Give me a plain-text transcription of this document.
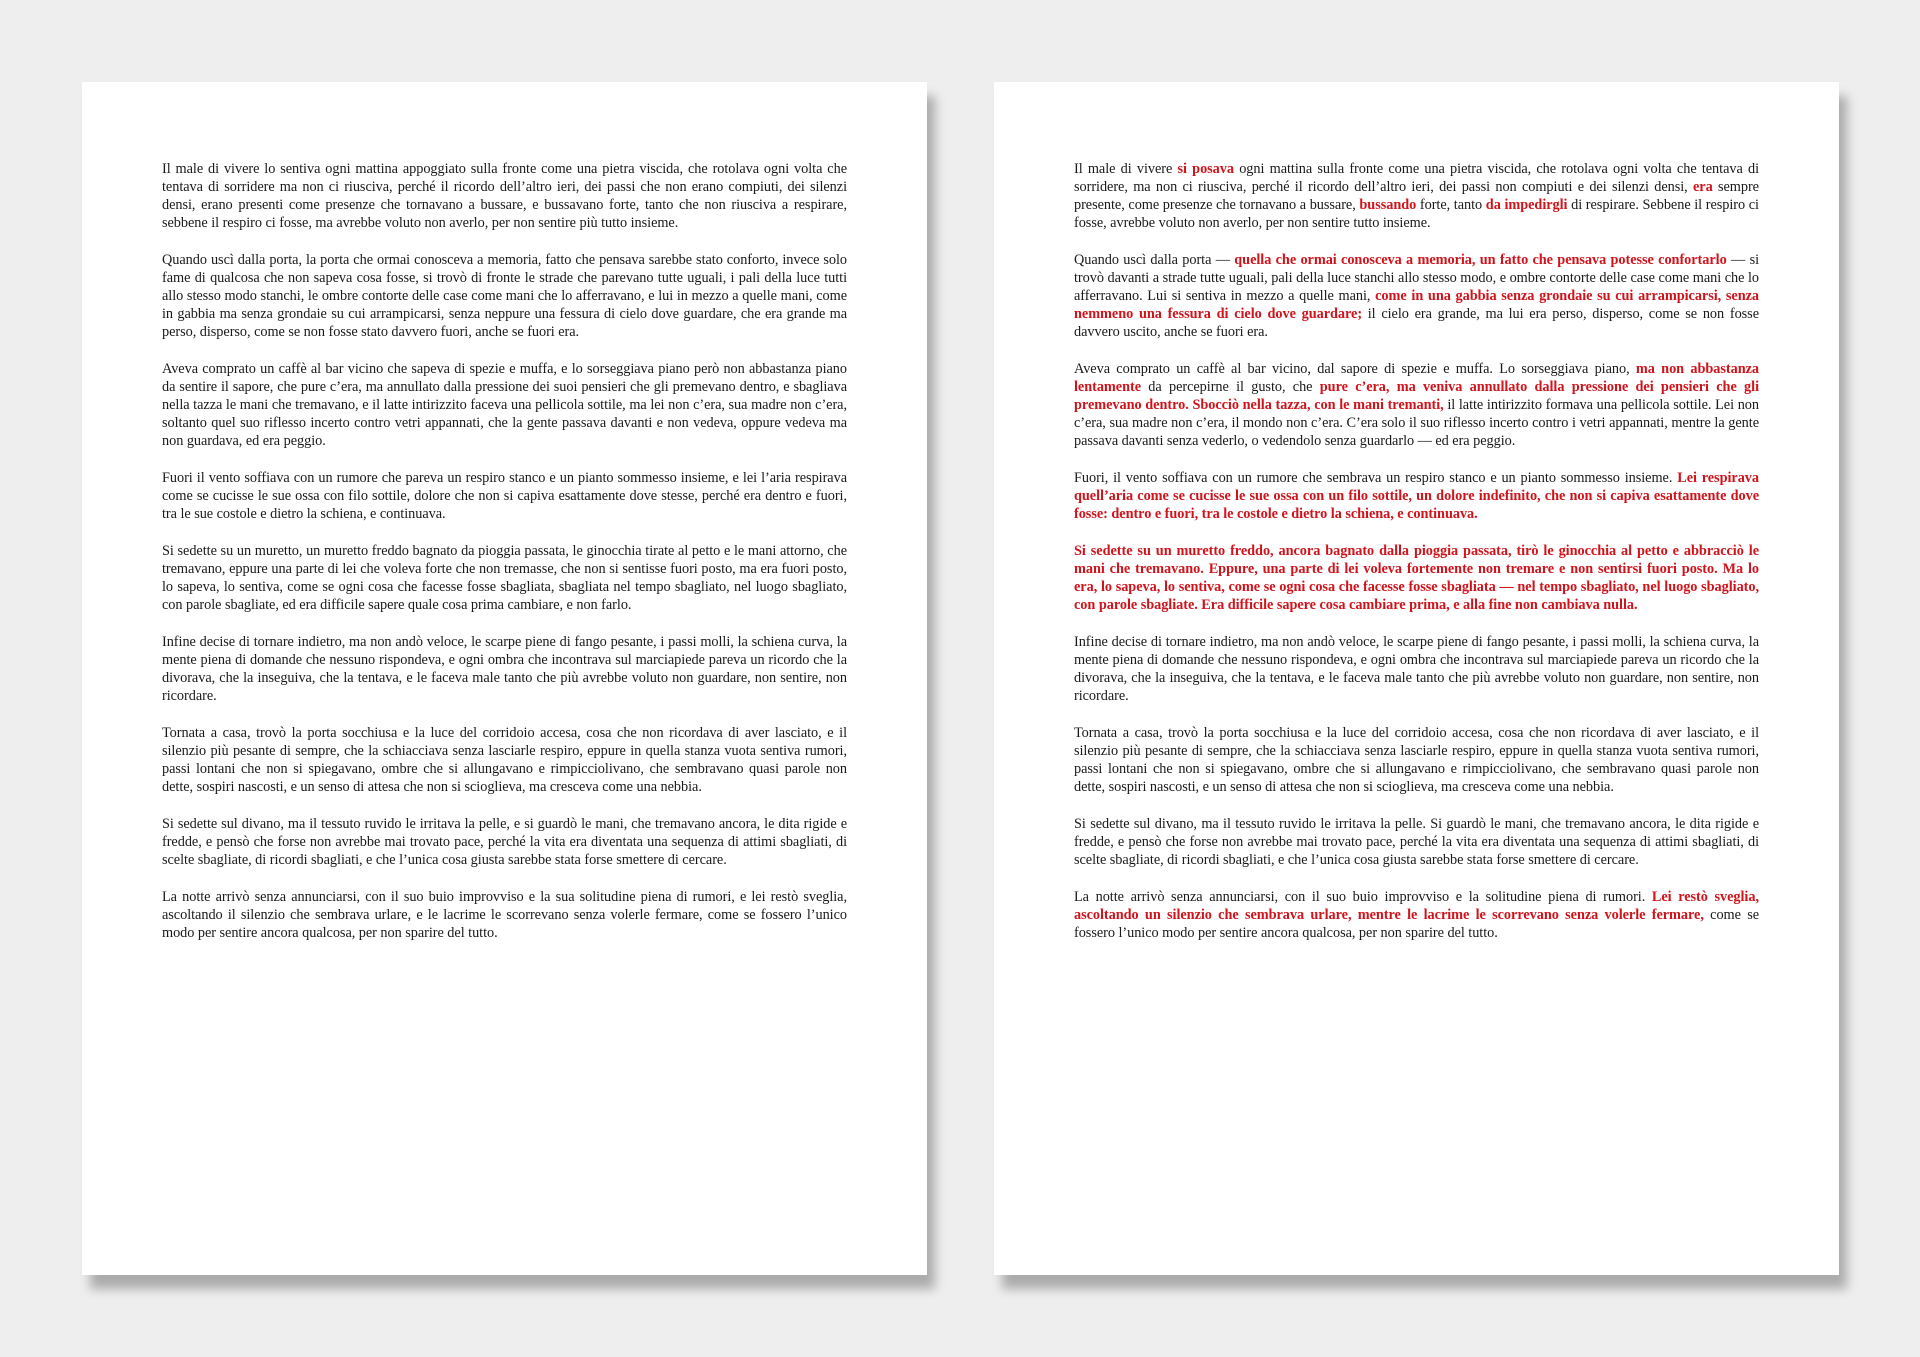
Il male di vivere lo sentiva ogni mattina appoggiato sulla fronte come una pietra viscida, che rotolava ogni volta che tentava di sorridere ma non ci riusciva, perché il ricordo dell’altro ieri, dei passi che non erano compiuti, dei silenzi densi, erano presenti come presenze che tornavano a bussare, e bussavano forte, tanto che non riusciva a respirare, sebbene il respiro ci fosse, ma avrebbe voluto non averlo, per non sentire più tutto insieme.

Quando uscì dalla porta, la porta che ormai conosceva a memoria, fatto che pensava sarebbe stato conforto, invece solo fame di qualcosa che non sapeva cosa fosse, si trovò di fronte le strade che parevano tutte uguali, i pali della luce tutti allo stesso modo stanchi, le ombre contorte delle case come mani che lo afferravano, e lui in mezzo a quelle mani, come in gabbia ma senza grondaie su cui arrampicarsi, senza neppure una fessura di cielo dove guardare, che era grande ma perso, disperso, come se non fosse stato davvero fuori, anche se fuori era.

Aveva comprato un caffè al bar vicino che sapeva di spezie e muffa, e lo sorseggiava piano però non abbastanza piano da sentire il sapore, che pure c’era, ma annullato dalla pressione dei suoi pensieri che gli premevano dentro, e sbagliava nella tazza le mani che tremavano, e il latte intirizzito faceva una pellicola sottile, ma lei non c’era, sua madre non c’era, soltanto quel suo riflesso incerto contro vetri appannati, che la gente passava davanti e non vedeva, oppure vedeva ma non guardava, ed era peggio.

Fuori il vento soffiava con un rumore che pareva un respiro stanco e un pianto sommesso insieme, e lei l’aria respirava come se cucisse le sue ossa con filo sottile, dolore che non si capiva esattamente dove stesse, perché era dentro e fuori, tra le sue costole e dietro la schiena, e continuava.

Si sedette su un muretto, un muretto freddo bagnato da pioggia passata, le ginocchia tirate al petto e le mani attorno, che tremavano, eppure una parte di lei che voleva forte che non tremasse, che non si sentisse fuori posto, ma era fuori posto, lo sapeva, lo sentiva, come se ogni cosa che facesse fosse sbagliata, sbagliata nel tempo sbagliato, nel luogo sbagliato, con parole sbagliate, ed era difficile sapere quale cosa prima cambiare, e non farlo.

Infine decise di tornare indietro, ma non andò veloce, le scarpe piene di fango pesante, i passi molli, la schiena curva, la mente piena di domande che nessuno rispondeva, e ogni ombra che incontrava sul marciapiede pareva un ricordo che la divorava, che la inseguiva, che la tentava, e le faceva male tanto che più avrebbe voluto non guardare, non sentire, non ricordare.

Tornata a casa, trovò la porta socchiusa e la luce del corridoio accesa, cosa che non ricordava di aver lasciato, e il silenzio più pesante di sempre, che la schiacciava senza lasciarle respiro, eppure in quella stanza vuota sentiva rumori, passi lontani che non si spiegavano, ombre che si allungavano e rimpicciolivano, che sembravano quasi parole non dette, sospiri nascosti, e un senso di attesa che non si scioglieva, ma cresceva come una nebbia.

Si sedette sul divano, ma il tessuto ruvido le irritava la pelle, e si guardò le mani, che tremavano ancora, le dita rigide e fredde, e pensò che forse non avrebbe mai trovato pace, perché la vita era diventata una sequenza di attimi sbagliati, di scelte sbagliate, di ricordi sbagliati, e che l’unica cosa giusta sarebbe stata forse smettere di cercare.

La notte arrivò senza annunciarsi, con il suo buio improvviso e la sua solitudine piena di rumori, e lei restò sveglia, ascoltando il silenzio che sembrava urlare, e le lacrime le scorrevano senza volerle fermare, come se fossero l’unico modo per sentire ancora qualcosa, per non sparire del tutto.

Il male di vivere si posava ogni mattina sulla fronte come una pietra viscida, che rotolava ogni volta che tentava di sorridere, ma non ci riusciva, perché il ricordo dell’altro ieri, dei passi non compiuti e dei silenzi densi, era sempre presente, come presenze che tornavano a bussare, bussando forte, tanto da impedirgli di respirare. Sebbene il respiro ci fosse, avrebbe voluto non averlo, per non sentire tutto insieme.

Quando uscì dalla porta — quella che ormai conosceva a memoria, un fatto che pensava potesse confortarlo — si trovò davanti a strade tutte uguali, pali della luce stanchi allo stesso modo, e ombre contorte delle case come mani che lo afferravano. Lui si sentiva in mezzo a quelle mani, come in una gabbia senza grondaie su cui arrampicarsi, senza nemmeno una fessura di cielo dove guardare; il cielo era grande, ma lui era perso, disperso, come se non fosse davvero uscito, anche se fuori era.

Aveva comprato un caffè al bar vicino, dal sapore di spezie e muffa. Lo sorseggiava piano, ma non abbastanza lentamente da percepirne il gusto, che pure c’era, ma veniva annullato dalla pressione dei pensieri che gli premevano dentro. Sbocciò nella tazza, con le mani tremanti, il latte intirizzito formava una pellicola sottile. Lei non c’era, sua madre non c’era, il mondo non c’era. C’era solo il suo riflesso incerto contro i vetri appannati, mentre la gente passava davanti senza vederlo, o vedendolo senza guardarlo — ed era peggio.

Fuori, il vento soffiava con un rumore che sembrava un respiro stanco e un pianto sommesso insieme. Lei respirava quell’aria come se cucisse le sue ossa con un filo sottile, un dolore indefinito, che non si capiva esattamente dove fosse: dentro e fuori, tra le costole e dietro la schiena, e continuava.

Si sedette su un muretto freddo, ancora bagnato dalla pioggia passata, tirò le ginocchia al petto e abbracciò le mani che tremavano. Eppure, una parte di lei voleva fortemente non tremare e non sentirsi fuori posto. Ma lo era, lo sapeva, lo sentiva, come se ogni cosa che facesse fosse sbagliata — nel tempo sbagliato, nel luogo sbagliato, con parole sbagliate. Era difficile sapere cosa cambiare prima, e alla fine non cambiava nulla.

Infine decise di tornare indietro, ma non andò veloce, le scarpe piene di fango pesante, i passi molli, la schiena curva, la mente piena di domande che nessuno rispondeva, e ogni ombra che incontrava sul marciapiede pareva un ricordo che la divorava, che la inseguiva, che la tentava, e le faceva male tanto che più avrebbe voluto non guardare, non sentire, non ricordare.

Tornata a casa, trovò la porta socchiusa e la luce del corridoio accesa, cosa che non ricordava di aver lasciato, e il silenzio più pesante di sempre, che la schiacciava senza lasciarle respiro, eppure in quella stanza vuota sentiva rumori, passi lontani che non si spiegavano, ombre che si allungavano e rimpicciolivano, che sembravano quasi parole non dette, sospiri nascosti, e un senso di attesa che non si scioglieva, ma cresceva come una nebbia.

Si sedette sul divano, ma il tessuto ruvido le irritava la pelle. Si guardò le mani, che tremavano ancora, le dita rigide e fredde, e pensò che forse non avrebbe mai trovato pace, perché la vita era diventata una sequenza di attimi sbagliati, di scelte sbagliate, di ricordi sbagliati, e che l’unica cosa giusta sarebbe stata forse smettere di cercare.

La notte arrivò senza annunciarsi, con il suo buio improvviso e la solitudine piena di rumori. Lei restò sveglia, ascoltando un silenzio che sembrava urlare, mentre le lacrime le scorrevano senza volerle fermare, come se fossero l’unico modo per sentire ancora qualcosa, per non sparire del tutto.
